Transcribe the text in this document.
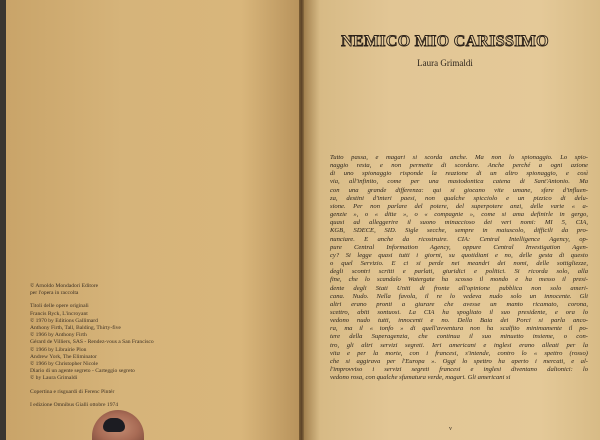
© Arnoldo Mondadori Editore

per l'opera in raccolta

Titoli delle opere originali

Francis Ryck, L'incroyant

© 1970 by Editions Gallimard

Anthony Firth, Tall, Balding, Thirty-five

© 1966 by Anthony Firth

Gérard de Villiers, SAS - Rendez-vous a San Francisco

© 1966 by Librairie Plon

Andrew York, The Eliminator

© 1966 by Christopher Nicole

Diario di un agente segreto - Carteggio segreto

© by Laura Grimaldi

Copertina e risguardi di Ferenc Pintér

I edizione Omnibus Gialli ottobre 1974

NEMICO MIO CARISSIMO
Laura Grimaldi

Tutto passa, e magari si scorda anche. Ma non lo spionaggio. Lo spio-

naggio resta, e non permette di scordare. Anche perché a ogni azione

di uno spionaggio risponde la reazione di un altro spionaggio, e così

via, all'infinito, come per una mastodontica catena di Sant'Antonio. Ma

con una grande differenza: qui si giocano vite umane, sfere d'influen-

za, destini d'interi paesi, non qualche spicciolo e un pizzico di delu-

sione. Per non parlare del potere, del superpotere anzi, delle varie « a-

genzie », o « ditte », o « compagnie », come si ama definirle in gergo,

quasi ad alleggerire il suono minaccioso dei veri nomi: MI 5, CIA,

KGB, SDECE, SID. Sigle secche, sempre in maiuscolo, difficili da pro-

nunciare. E anche da ricostruire. CIA: Central Intelligence Agency, op-

pure Central Information Agency, oppure Central Investigation Agen-

cy? Si legge quasi tutti i giorni, su quotidiani e no, delle gesta di questo

o quel Servizio. E ci si perde nei meandri dei nomi, delle sottigliezze,

degli scontri scritti e parlati, giuridici e politici. Si ricorda solo, alla

fine, che lo scandalo Watergate ha scosso il mondo e ha messo il presi-

dente degli Stati Uniti di fronte all'opinione pubblica non solo ameri-

cana. Nudo. Nella favola, il re lo vedeva nudo solo un innocente. Gli

altri erano pronti a giurare che avesse un manto ricamato, corona,

scettro, abiti sontuosi. La CIA ha spogliato il suo presidente, e ora lo

vedono nudo tutti, innocenti e no. Della Baia dei Porci si parla anco-

ra, ma il « tonfo » di quell'avventura non ha scalfito minimamente il po-

tere della Superagenzia, che continua il suo minuetto insieme, o con-

tro, gli altri servizi segreti. Ieri americani e inglesi erano alleati per la

vita e per la morte, con i francesi, s'intende, contro lo « spettro (rosso)

che si aggirava per l'Europa ». Oggi lo spettro ha aperto i mercati, e al-

l'improvviso i servizi segreti francesi e inglesi diventano daltonici: lo

vedono rosa, con qualche sfumatura verde, magari. Gli americani si

v
